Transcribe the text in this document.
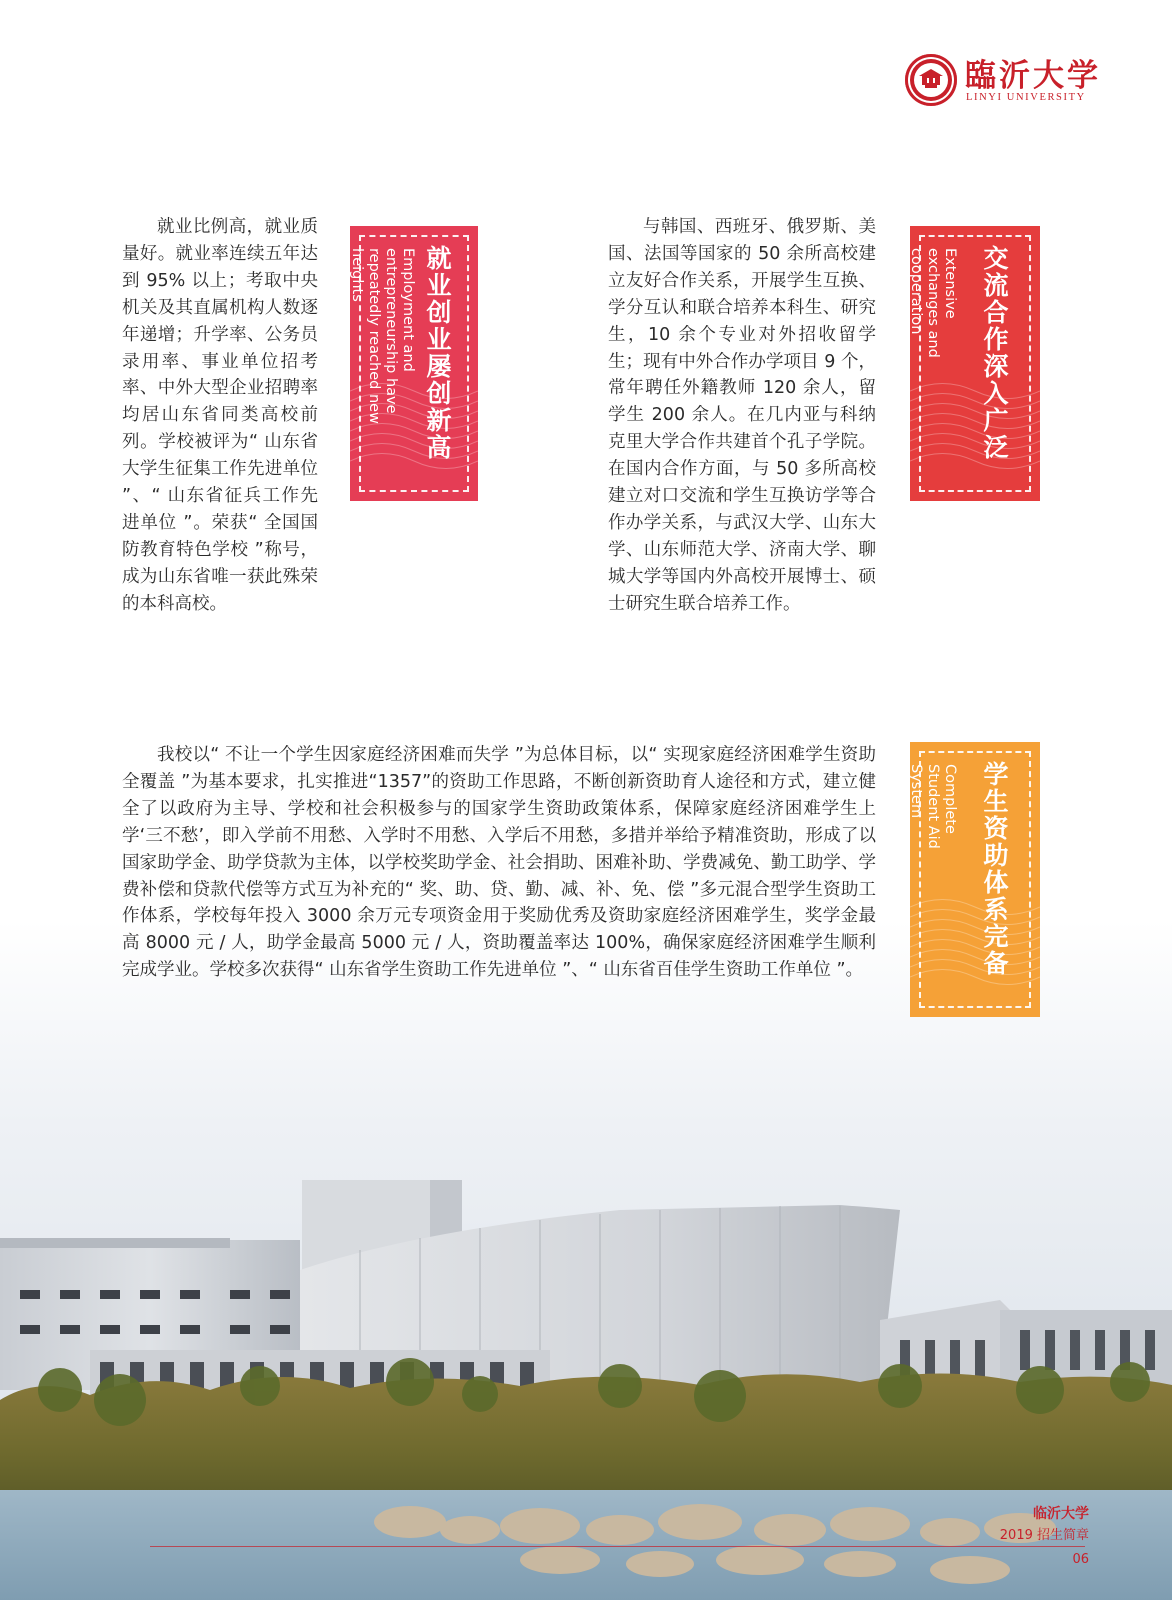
臨沂大学
LINYI UNIVERSITY

就业比例高，就业质量好。就业率连续五年达到 95% 以上；考取中央机关及其直属机构人数逐年递增；升学率、公务员录用率、事业单位招考率、中外大型企业招聘率均居山东省同类高校前列。学校被评为“ 山东省大学生征集工作先进单位 ”、“ 山东省征兵工作先进单位 ”。荣获“ 全国国防教育特色学校 ”称号，成为山东省唯一获此殊荣的本科高校。

就业创业屡创新高
Employment and entrepreneurship have repeatedly reached new heights	交流合作深入广泛
Extensive exchanges and cooperation

与韩国、西班牙、俄罗斯、美国、法国等国家的 50 余所高校建立友好合作关系，开展学生互换、学分互认和联合培养本科生、研究生，10 余个专业对外招收留学生；现有中外合作办学项目 9 个，常年聘任外籍教师 120 余人，留学生 200 余人。在几内亚与科纳克里大学合作共建首个孔子学院。在国内合作方面，与 50 多所高校建立对口交流和学生互换访学等合作办学关系，与武汉大学、山东大学、山东师范大学、济南大学、聊城大学等国内外高校开展博士、硕士研究生联合培养工作。

我校以“ 不让一个学生因家庭经济困难而失学 ”为总体目标，以“ 实现家庭经济困难学生资助全覆盖 ”为基本要求，扎实推进“1357”的资助工作思路，不断创新资助育人途径和方式，建立健全了以政府为主导、学校和社会积极参与的国家学生资助政策体系，保障家庭经济困难学生上学‘三不愁’，即入学前不用愁、入学时不用愁、入学后不用愁，多措并举给予精准资助，形成了以国家助学金、助学贷款为主体，以学校奖助学金、社会捐助、困难补助、学费减免、勤工助学、学费补偿和贷款代偿等方式互为补充的“ 奖、助、贷、勤、减、补、免、偿 ”多元混合型学生资助工作体系，学校每年投入 3000 余万元专项资金用于奖励优秀及资助家庭经济困难学生，奖学金最高 8000 元 / 人，助学金最高 5000 元 / 人，资助覆盖率达 100%，确保家庭经济困难学生顺利完成学业。学校多次获得“ 山东省学生资助工作先进单位 ”、“ 山东省百佳学生资助工作单位 ”。	学生资助体系完备
Complete Student Aid System
临沂大学
2019 招生简章
06
